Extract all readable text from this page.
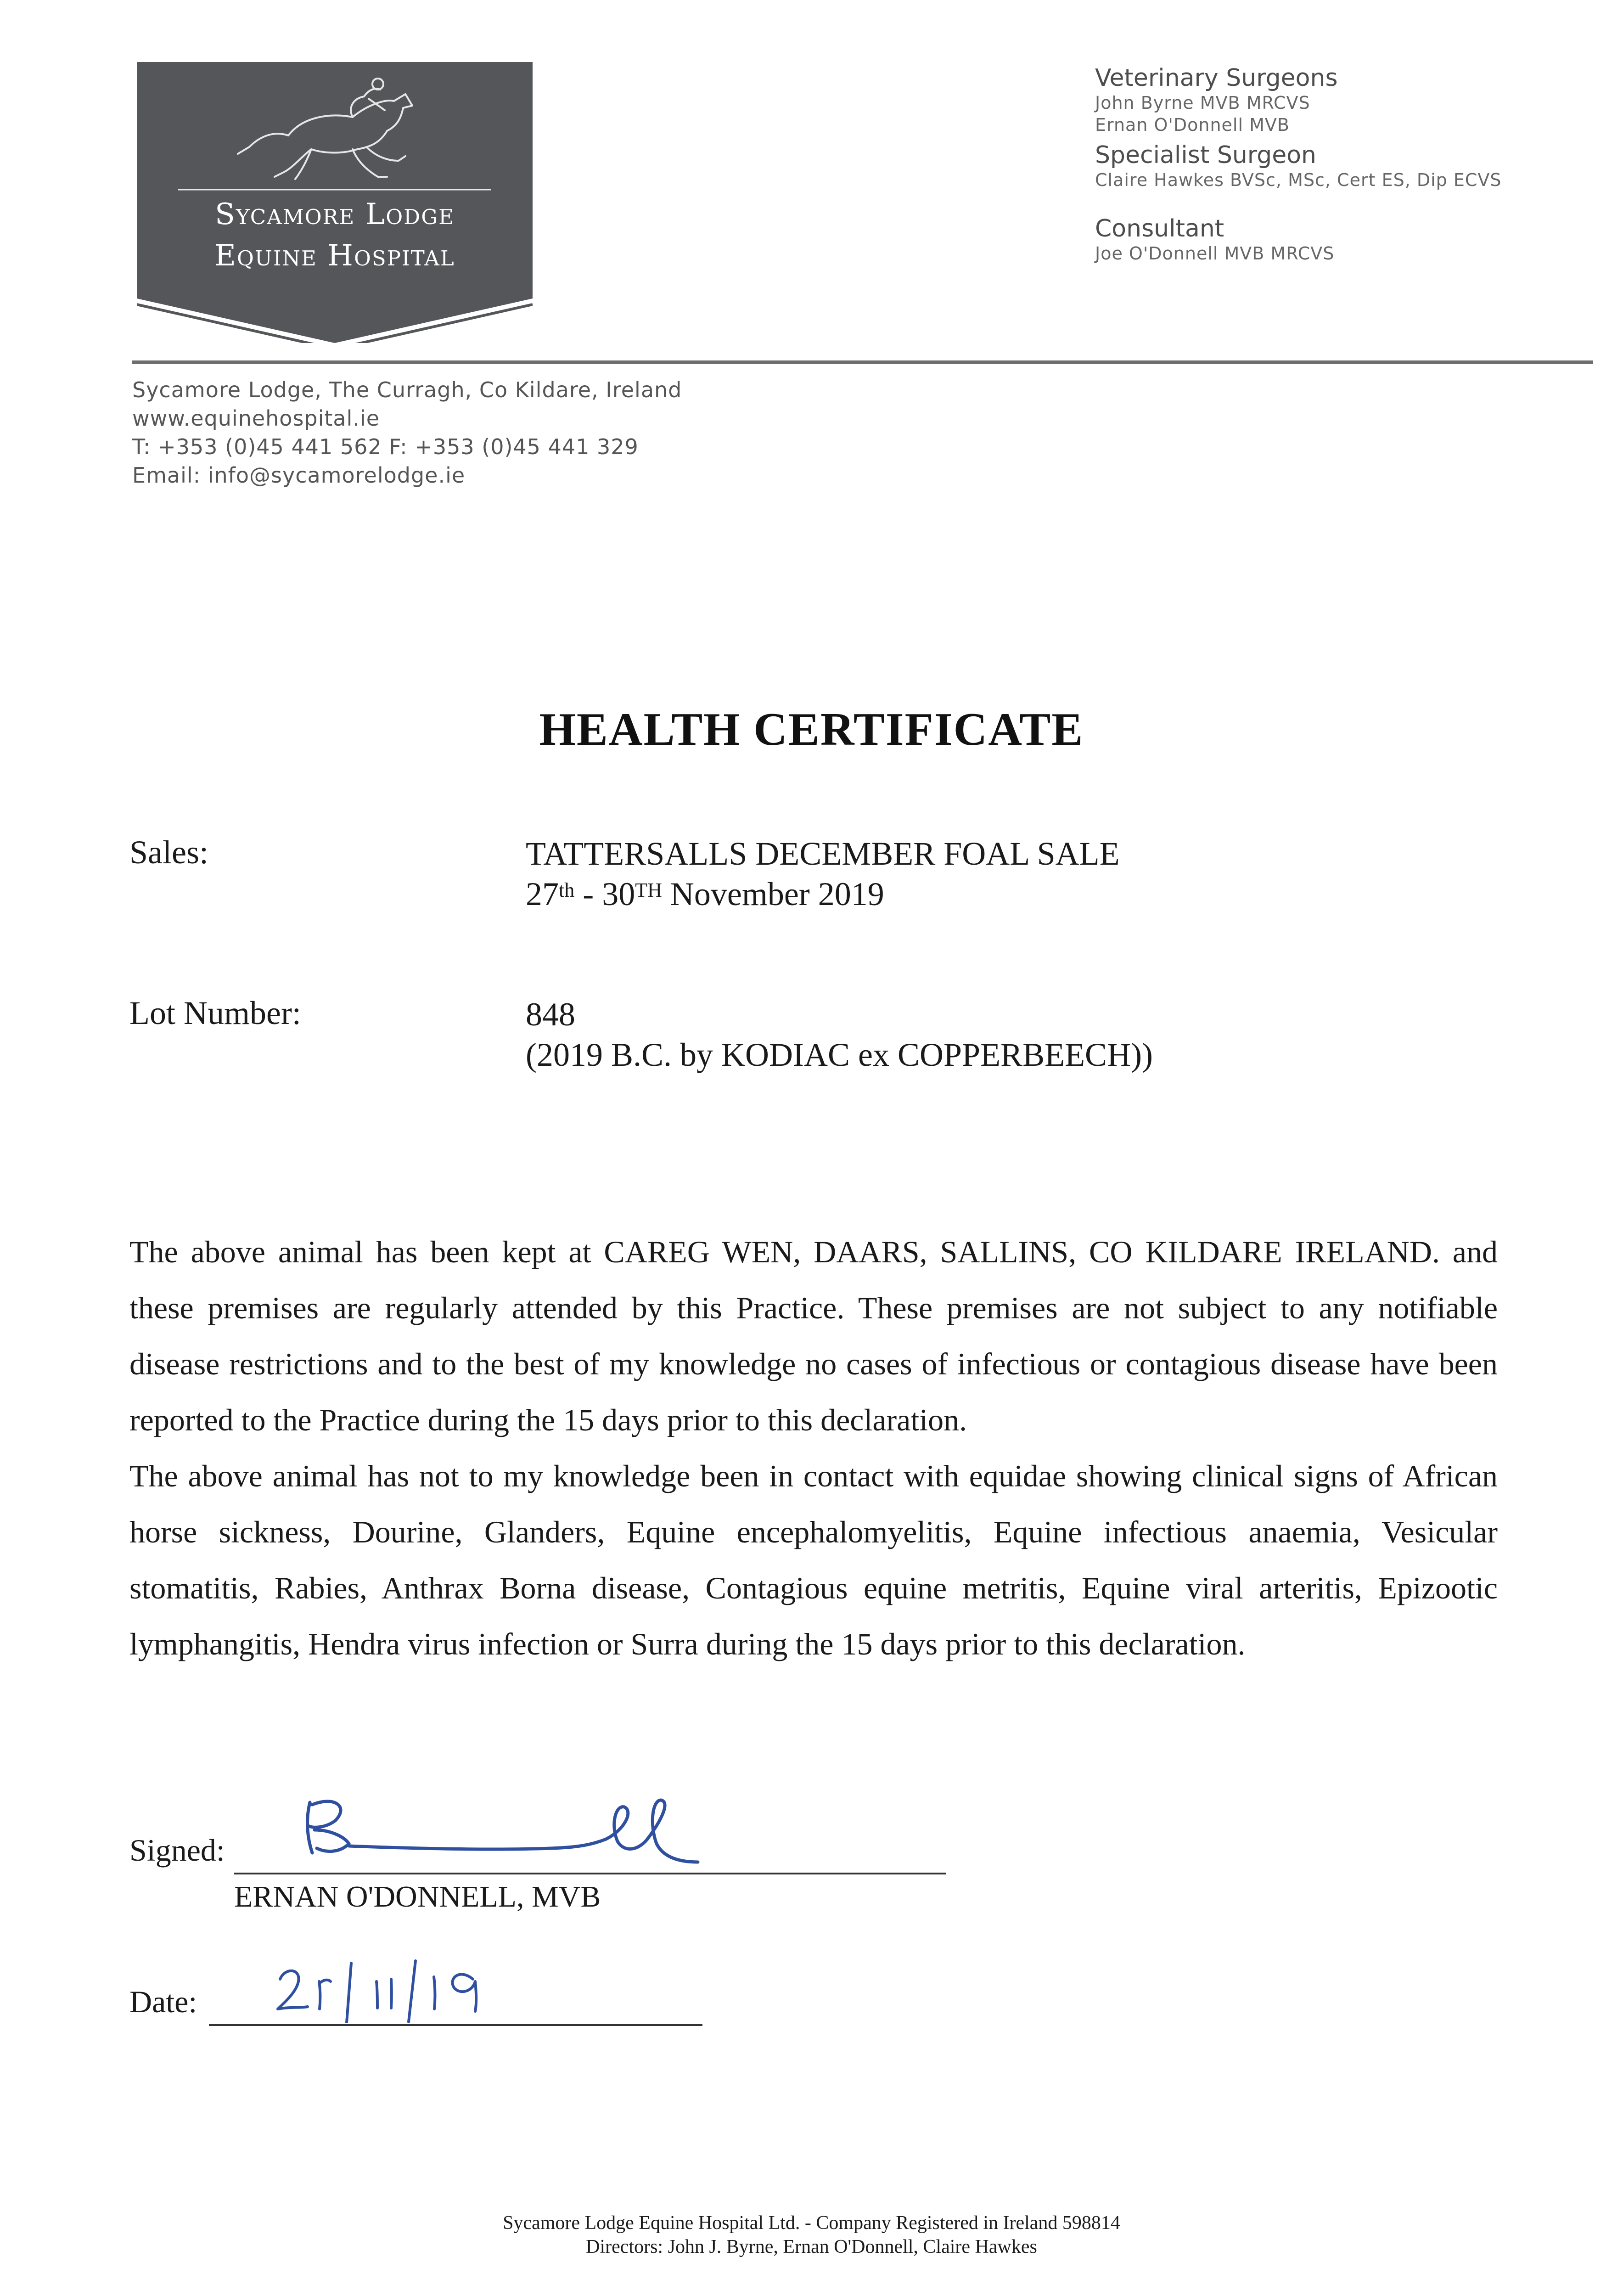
Sycamore Lodge
Equine Hospital
Veterinary Surgeons
John Byrne MVB MRCVS
Ernan O'Donnell MVB
Specialist Surgeon
Claire Hawkes BVSc, MSc, Cert ES, Dip ECVS
Consultant
Joe O'Donnell MVB MRCVS
Sycamore Lodge, The Curragh, Co Kildare, Ireland
www.equinehospital.ie
T: +353 (0)45 441 562 F: +353 (0)45 441 329
Email: info@sycamorelodge.ie
HEALTH CERTIFICATE
Sales:	TATTERSALLS DECEMBER FOAL SALE
27th - 30TH November 2019
Lot Number:	848
(2019 B.C. by KODIAC ex COPPERBEECH))

The above animal has been kept at CAREG WEN, DAARS, SALLINS, CO KILDARE IRELAND. and these premises are regularly attended by this Practice. These premises are not subject to any notifiable disease restrictions and to the best of my knowledge no cases of infectious or contagious disease have been reported to the Practice during the 15 days prior to this declaration.

The above animal has not to my knowledge been in contact with equidae showing clinical signs of African horse sickness, Dourine, Glanders, Equine encephalomyelitis, Equine infectious anaemia, Vesicular stomatitis, Rabies, Anthrax Borna disease, Contagious equine metritis, Equine viral arteritis, Epizootic lymphangitis, Hendra virus infection or Surra during the 15 days prior to this declaration.

Signed:
ERNAN O'DONNELL, MVB
Date:
Sycamore Lodge Equine Hospital Ltd. - Company Registered in Ireland 598814
Directors: John J. Byrne, Ernan O'Donnell, Claire Hawkes
